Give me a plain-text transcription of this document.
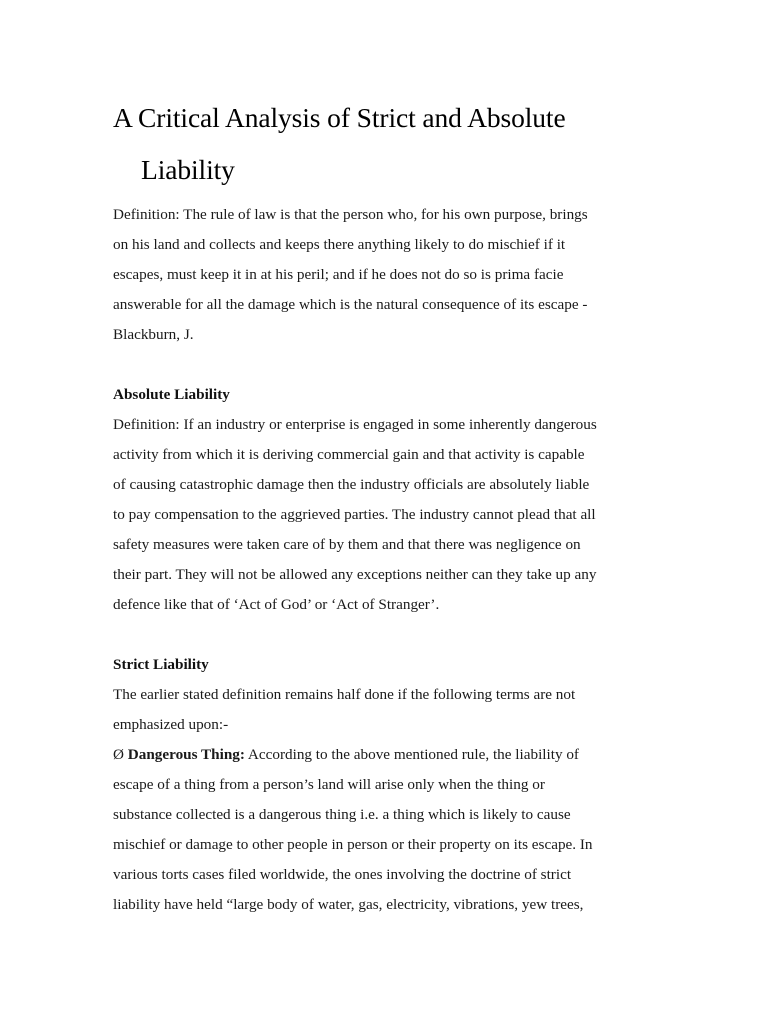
A Critical Analysis of Strict and Absolute
Liability

Definition: The rule of law is that the person who, for his own purpose, brings
on his land and collects and keeps there anything likely to do mischief if it
escapes, must keep it in at his peril; and if he does not do so is prima facie
answerable for all the damage which is the natural consequence of its escape -
Blackburn, J.

Absolute Liability

Definition: If an industry or enterprise is engaged in some inherently dangerous
activity from which it is deriving commercial gain and that activity is capable
of causing catastrophic damage then the industry officials are absolutely liable
to pay compensation to the aggrieved parties. The industry cannot plead that all
safety measures were taken care of by them and that there was negligence on
their part. They will not be allowed any exceptions neither can they take up any
defence like that of ‘Act of God’ or ‘Act of Stranger’.

Strict Liability

The earlier stated definition remains half done if the following terms are not
emphasized upon:-
Ø Dangerous Thing: According to the above mentioned rule, the liability of
escape of a thing from a person’s land will arise only when the thing or
substance collected is a dangerous thing i.e. a thing which is likely to cause
mischief or damage to other people in person or their property on its escape. In
various torts cases filed worldwide, the ones involving the doctrine of strict
liability have held “large body of water, gas, electricity, vibrations, yew trees,
